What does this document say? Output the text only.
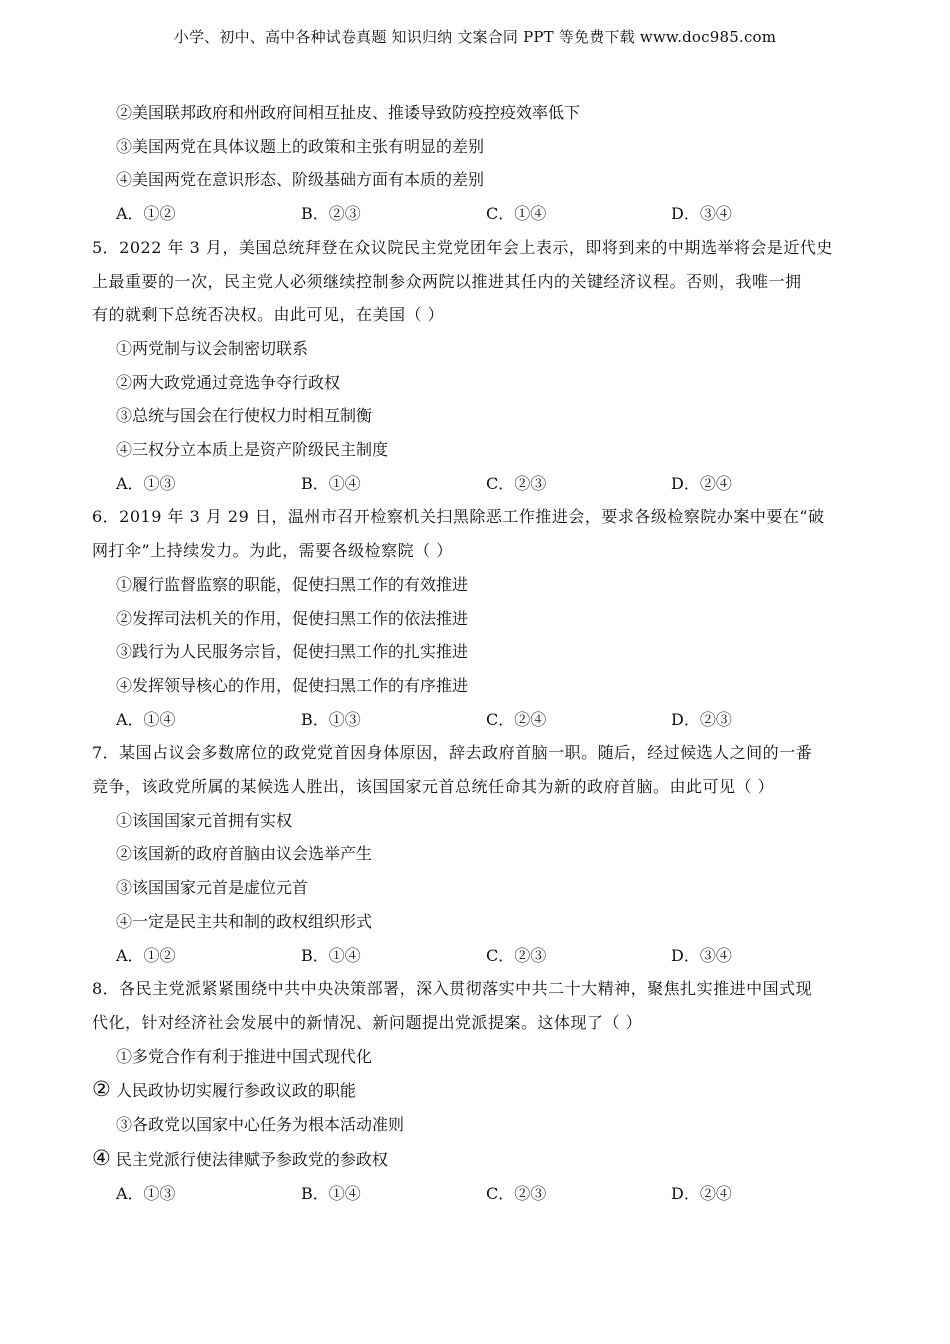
小学、初中、高中各种试卷真题 知识归纳 文案合同 PPT 等免费下载 www.doc985.com
②美国联邦政府和州政府间相互扯皮、推诿导致防疫控疫效率低下
③美国两党在具体议题上的政策和主张有明显的差别
④美国两党在意识形态、阶级基础方面有本质的差别
A．①②	B．②③	C．①④	D．③④
5．2022 年 3 月，美国总统拜登在众议院民主党党团年会上表示，即将到来的中期选举将会是近代史
上最重要的一次，民主党人必须继续控制参众两院以推进其任内的关键经济议程。否则，我唯一拥
有的就剩下总统否决权。由此可见，在美国（ ）
①两党制与议会制密切联系
②两大政党通过竞选争夺行政权
③总统与国会在行使权力时相互制衡
④三权分立本质上是资产阶级民主制度
A．①③	B．①④	C．②③	D．②④
6．2019 年 3 月 29 日，温州市召开检察机关扫黑除恶工作推进会，要求各级检察院办案中要在“破
网打伞”上持续发力。为此，需要各级检察院（ ）
①履行监督监察的职能，促使扫黑工作的有效推进
②发挥司法机关的作用，促使扫黑工作的依法推进
③践行为人民服务宗旨，促使扫黑工作的扎实推进
④发挥领导核心的作用，促使扫黑工作的有序推进
A．①④	B．①③	C．②④	D．②③
7．某国占议会多数席位的政党党首因身体原因，辞去政府首脑一职。随后，经过候选人之间的一番
竞争，该政党所属的某候选人胜出，该国国家元首总统任命其为新的政府首脑。由此可见（ ）
①该国国家元首拥有实权
②该国新的政府首脑由议会选举产生
③该国国家元首是虚位元首
④一定是民主共和制的政权组织形式
A．①②	B．①④	C．②③	D．③④
8．各民主党派紧紧围绕中共中央决策部署，深入贯彻落实中共二十大精神，聚焦扎实推进中国式现
代化，针对经济社会发展中的新情况、新问题提出党派提案。这体现了（ ）
①多党合作有利于推进中国式现代化
② 人民政协切实履行参政议政的职能
③各政党以国家中心任务为根本活动准则
④ 民主党派行使法律赋予参政党的参政权
A．①③	B．①④	C．②③	D．②④
